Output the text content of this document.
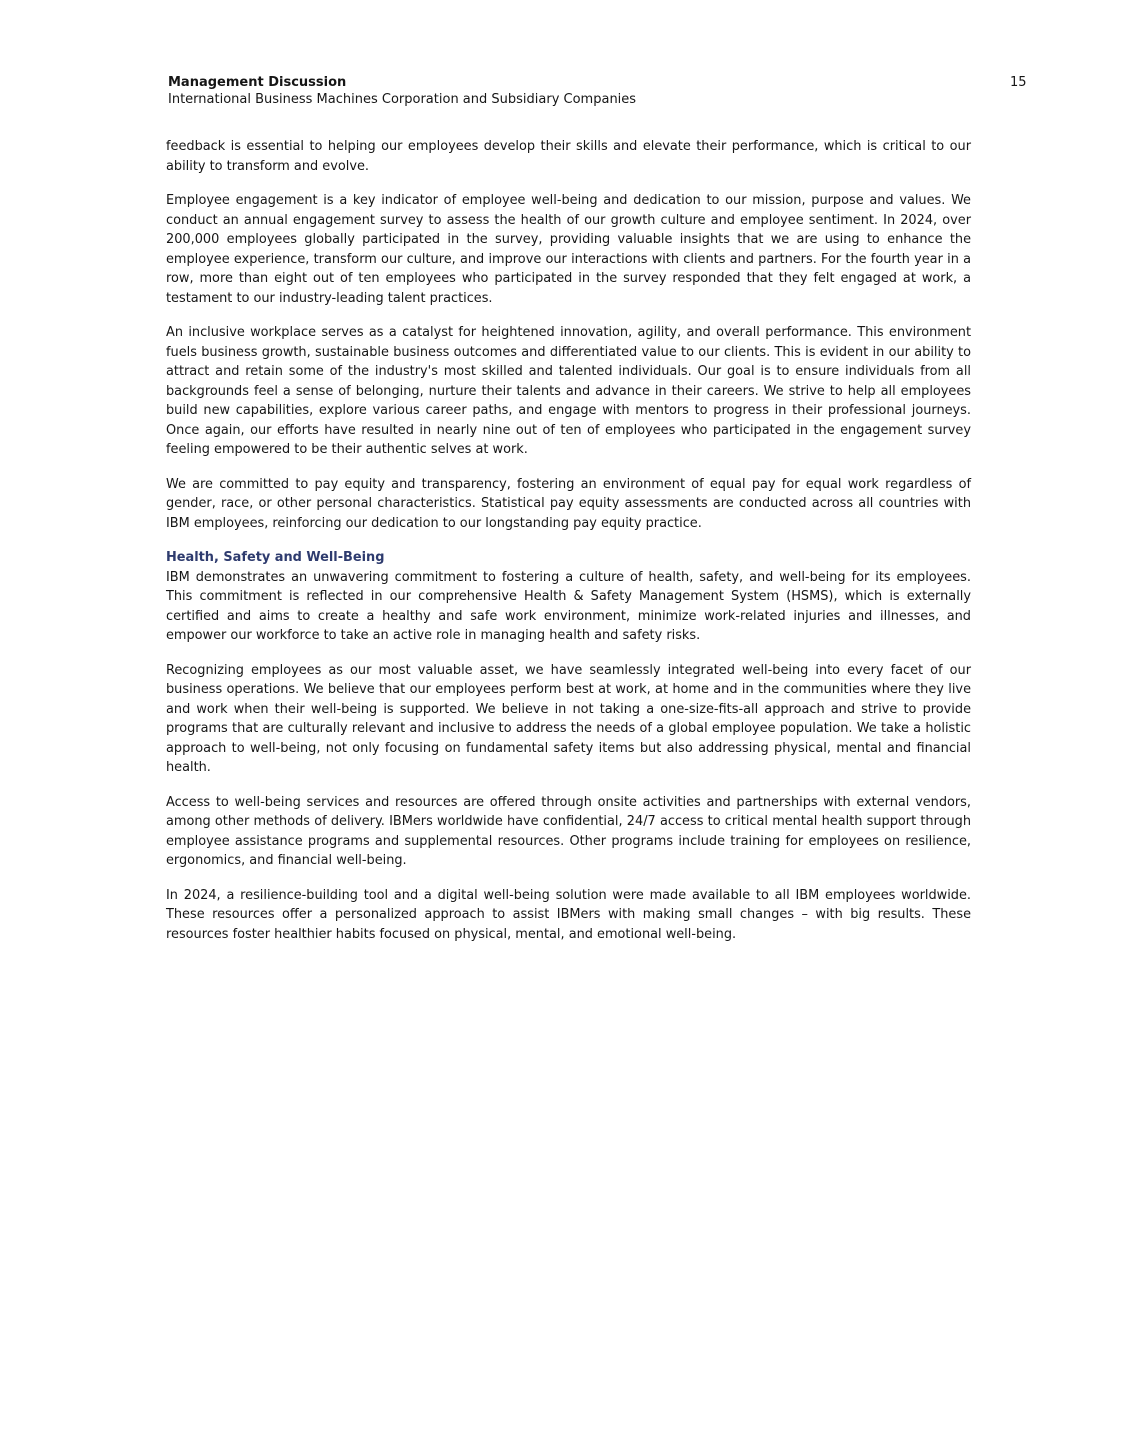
Management Discussion
International Business Machines Corporation and Subsidiary Companies
15

feedback is essential to helping our employees develop their skills and elevate their performance, which is critical to our ability to transform and evolve.

Employee engagement is a key indicator of employee well-being and dedication to our mission, purpose and values. We conduct an annual engagement survey to assess the health of our growth culture and employee sentiment. In 2024, over 200,000 employees globally participated in the survey, providing valuable insights that we are using to enhance the employee experience, transform our culture, and improve our interactions with clients and partners. For the fourth year in a row, more than eight out of ten employees who participated in the survey responded that they felt engaged at work, a testament to our industry-leading talent practices.

An inclusive workplace serves as a catalyst for heightened innovation, agility, and overall performance. This environment fuels business growth, sustainable business outcomes and differentiated value to our clients. This is evident in our ability to attract and retain some of the industry's most skilled and talented individuals. Our goal is to ensure individuals from all backgrounds feel a sense of belonging, nurture their talents and advance in their careers. We strive to help all employees build new capabilities, explore various career paths, and engage with mentors to progress in their professional journeys. Once again, our efforts have resulted in nearly nine out of ten of employees who participated in the engagement survey feeling empowered to be their authentic selves at work.

We are committed to pay equity and transparency, fostering an environment of equal pay for equal work regardless of gender, race, or other personal characteristics. Statistical pay equity assessments are conducted across all countries with IBM employees, reinforcing our dedication to our longstanding pay equity practice.

Health, Safety and Well-Being

IBM demonstrates an unwavering commitment to fostering a culture of health, safety, and well-being for its employees. This commitment is reflected in our comprehensive Health & Safety Management System (HSMS), which is externally certified and aims to create a healthy and safe work environment, minimize work-related injuries and illnesses, and empower our workforce to take an active role in managing health and safety risks.

Recognizing employees as our most valuable asset, we have seamlessly integrated well-being into every facet of our business operations. We believe that our employees perform best at work, at home and in the communities where they live and work when their well-being is supported. We believe in not taking a one-size-fits-all approach and strive to provide programs that are culturally relevant and inclusive to address the needs of a global employee population. We take a holistic approach to well-being, not only focusing on fundamental safety items but also addressing physical, mental and financial health.

Access to well-being services and resources are offered through onsite activities and partnerships with external vendors, among other methods of delivery. IBMers worldwide have confidential, 24/7 access to critical mental health support through employee assistance programs and supplemental resources. Other programs include training for employees on resilience, ergonomics, and financial well-being.

In 2024, a resilience-building tool and a digital well-being solution were made available to all IBM employees worldwide. These resources offer a personalized approach to assist IBMers with making small changes – with big results. These resources foster healthier habits focused on physical, mental, and emotional well-being.
